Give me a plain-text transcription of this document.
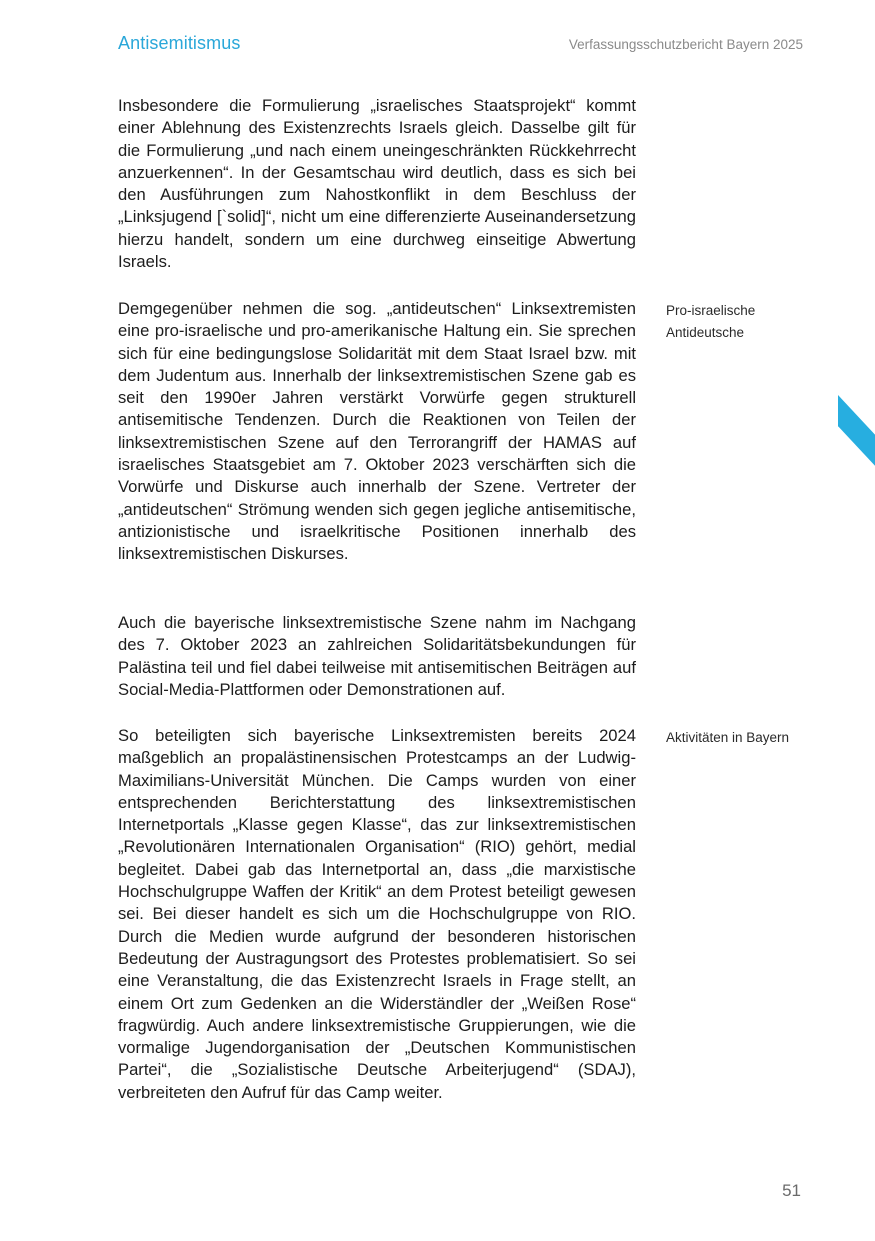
Antisemitismus	Verfassungsschutzbericht Bayern 2025

Insbesondere die Formulierung „israelisches Staatsprojekt“ kommt einer Ablehnung des Existenzrechts Israels gleich. Dasselbe gilt für die Formulierung „und nach einem uneingeschränkten Rückkehrrecht anzuerkennen“. In der Gesamtschau wird deutlich, dass es sich bei den Ausführungen zum Nahostkonflikt in dem Beschluss der „Linksjugend [`solid]“, nicht um eine differenzierte Auseinandersetzung hierzu handelt, sondern um eine durchweg einseitige Abwertung Israels.

Demgegenüber nehmen die sog. „antideutschen“ Linksextremisten eine pro-israelische und pro-amerikanische Haltung ein. Sie sprechen sich für eine bedingungslose Solidarität mit dem Staat Israel bzw. mit dem Judentum aus. Innerhalb der linksextremistischen Szene gab es seit den 1990er Jahren verstärkt Vorwürfe gegen strukturell antisemitische Tendenzen. Durch die Reaktionen von Teilen der linksextremistischen Szene auf den Terrorangriff der HAMAS auf israelisches Staatsgebiet am 7. Oktober 2023 verschärften sich die Vorwürfe und Diskurse auch innerhalb der Szene. Vertreter der „antideutschen“ Strömung wenden sich gegen jegliche antisemitische, antizionistische und israelkritische Positionen innerhalb des linksextremistischen Diskurses.

Auch die bayerische linksextremistische Szene nahm im Nachgang des 7. Oktober 2023 an zahlreichen Solidaritätsbekundungen für Palästina teil und fiel dabei teilweise mit antisemitischen Beiträgen auf Social-Media-Plattformen oder Demonstrationen auf.

So beteiligten sich bayerische Linksextremisten bereits 2024 maßgeblich an propalästinensischen Protestcamps an der Ludwig-Maximilians-Universität München. Die Camps wurden von einer entsprechenden Berichterstattung des linksextremistischen Internetportals „Klasse gegen Klasse“, das zur linksextremistischen „Revolutionären Internationalen Organisation“ (RIO) gehört, medial begleitet. Dabei gab das Internetportal an, dass „die marxistische Hochschulgruppe Waffen der Kritik“ an dem Protest beteiligt gewesen sei. Bei dieser handelt es sich um die Hochschulgruppe von RIO. Durch die Medien wurde aufgrund der besonderen historischen Bedeutung der Austragungsort des Protestes problematisiert. So sei eine Veranstaltung, die das Existenzrecht Israels in Frage stellt, an einem Ort zum Gedenken an die Widerständler der „Weißen Rose“ fragwürdig. Auch andere linksextremistische Gruppierungen, wie die vormalige Jugendorganisation der „Deutschen Kommunistischen Partei“, die „Sozialistische Deutsche Arbeiterjugend“ (SDAJ), verbreiteten den Aufruf für das Camp weiter.

Pro-israelische Antideutsche
Aktivitäten in Bayern
51
